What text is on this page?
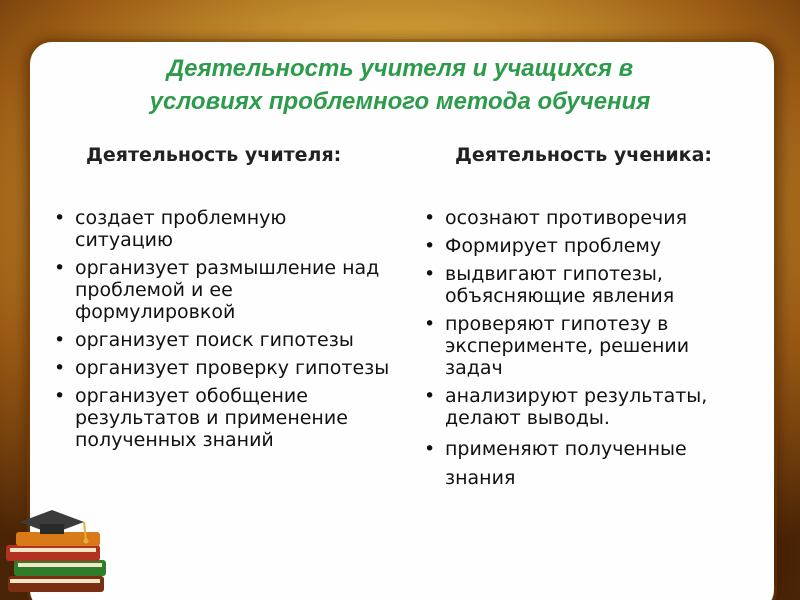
Деятельность учителя и учащихся в
условиях проблемного метода обучения
Деятельность учителя:	Деятельность ученика:
• создает проблемную ситуацию
• организует размышление над проблемой и ее формулировкой
• организует поиск гипотезы
• организует проверку гипотезы
• организует обобщение результатов и применение полученных знаний
• осознают противоречия
• Формирует проблему
• выдвигают гипотезы, объясняющие явления
• проверяют гипотезу в эксперименте, решении задач
• анализируют результаты, делают выводы.
• применяют полученные знания
